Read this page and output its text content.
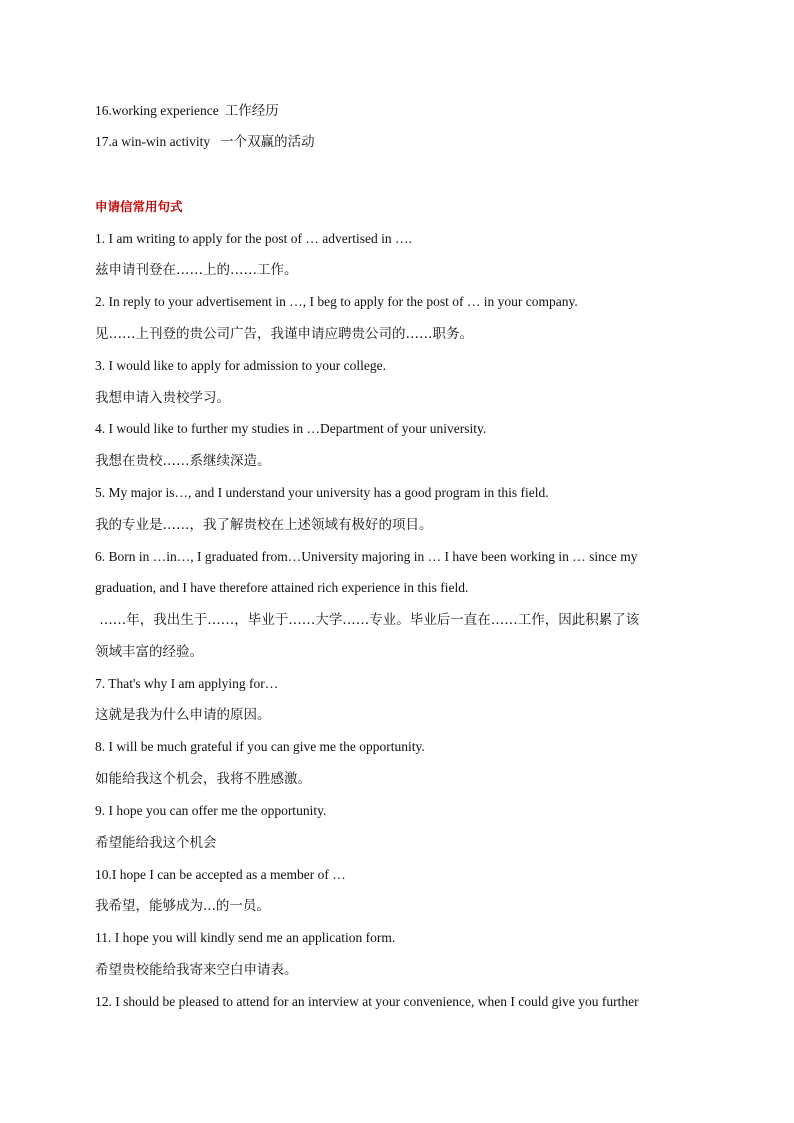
16.working experience 工作经历
17.a win-win activity 一个双赢的活动
申请信常用句式
1. I am writing to apply for the post of … advertised in ….
兹申请刊登在……上的……工作。
2. In reply to your advertisement in …, I beg to apply for the post of … in your company.
见……上刊登的贵公司广告，我谨申请应聘贵公司的……职务。
3. I would like to apply for admission to your college.
我想申请入贵校学习。
4. I would like to further my studies in …Department of your university.
我想在贵校……系继续深造。
5. My major is…, and I understand your university has a good program in this field.
我的专业是……，我了解贵校在上述领域有极好的项目。
6. Born in …in…, I graduated from…University majoring in … I have been working in … since my
graduation, and I have therefore attained rich experience in this field.
……年，我出生于……，毕业于……大学……专业。毕业后一直在……工作，因此积累了该
领域丰富的经验。
7. That's why I am applying for…
这就是我为什么申请的原因。
8. I will be much grateful if you can give me the opportunity.
如能给我这个机会，我将不胜感激。
9. I hope you can offer me the opportunity.
希望能给我这个机会
10.I hope I can be accepted as a member of …
我希望，能够成为...的一员。
11. I hope you will kindly send me an application form.
希望贵校能给我寄来空白申请表。
12. I should be pleased to attend for an interview at your convenience, when I could give you further
